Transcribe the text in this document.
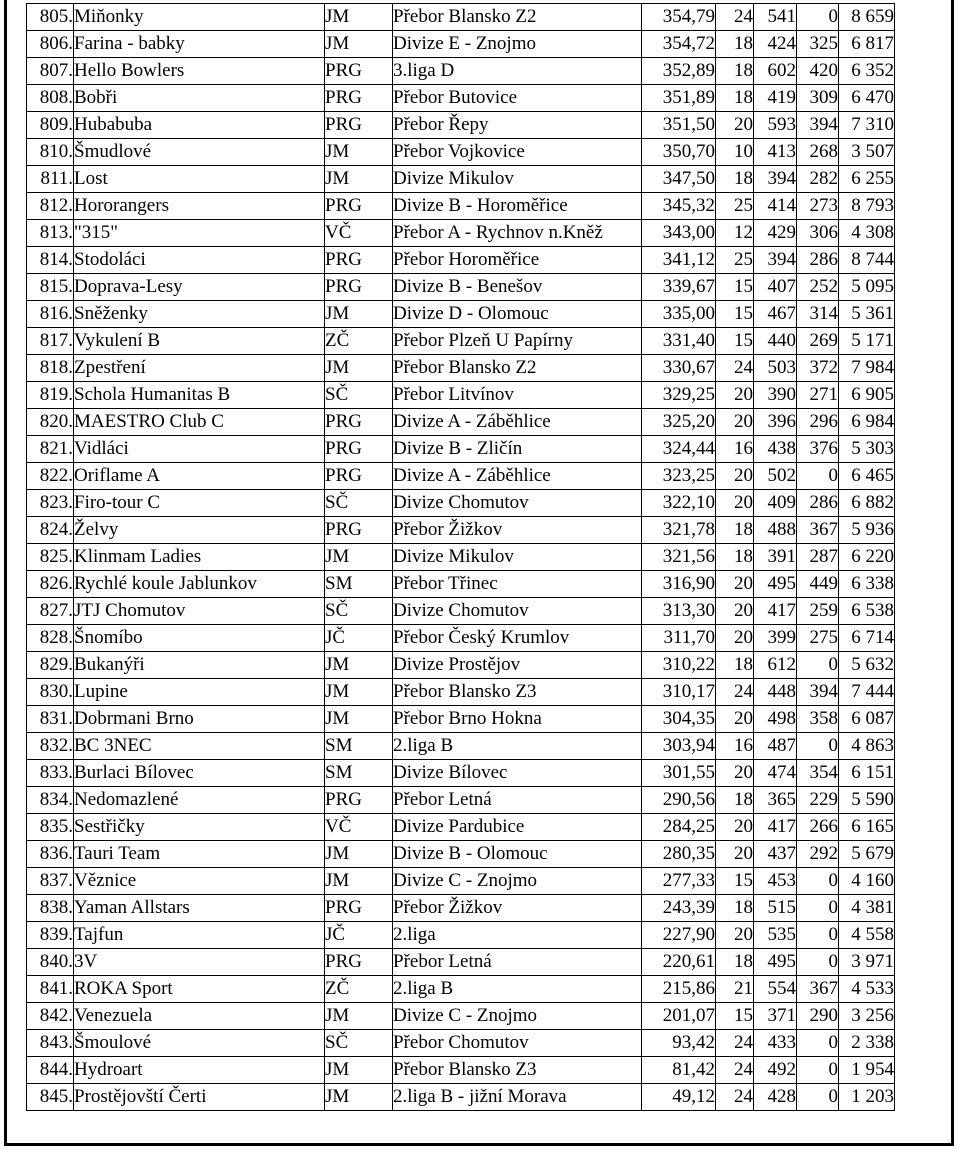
805.	Miňonky	JM	Přebor Blansko Z2	354,79	24	541	0	8 659
806.	Farina - babky	JM	Divize E - Znojmo	354,72	18	424	325	6 817
807.	Hello Bowlers	PRG	3.liga D	352,89	18	602	420	6 352
808.	Bobři	PRG	Přebor Butovice	351,89	18	419	309	6 470
809.	Hubabuba	PRG	Přebor Řepy	351,50	20	593	394	7 310
810.	Šmudlové	JM	Přebor Vojkovice	350,70	10	413	268	3 507
811.	Lost	JM	Divize Mikulov	347,50	18	394	282	6 255
812.	Hororangers	PRG	Divize B - Horoměřice	345,32	25	414	273	8 793
813.	"315"	VČ	Přebor A - Rychnov n.Kněž	343,00	12	429	306	4 308
814.	Stodoláci	PRG	Přebor Horoměřice	341,12	25	394	286	8 744
815.	Doprava-Lesy	PRG	Divize B - Benešov	339,67	15	407	252	5 095
816.	Sněženky	JM	Divize D - Olomouc	335,00	15	467	314	5 361
817.	Vykulení B	ZČ	Přebor Plzeň U Papírny	331,40	15	440	269	5 171
818.	Zpestření	JM	Přebor Blansko Z2	330,67	24	503	372	7 984
819.	Schola Humanitas B	SČ	Přebor Litvínov	329,25	20	390	271	6 905
820.	MAESTRO Club C	PRG	Divize A - Záběhlice	325,20	20	396	296	6 984
821.	Vidláci	PRG	Divize B - Zličín	324,44	16	438	376	5 303
822.	Oriflame A	PRG	Divize A - Záběhlice	323,25	20	502	0	6 465
823.	Firo-tour C	SČ	Divize Chomutov	322,10	20	409	286	6 882
824.	Želvy	PRG	Přebor Žižkov	321,78	18	488	367	5 936
825.	Klinmam Ladies	JM	Divize Mikulov	321,56	18	391	287	6 220
826.	Rychlé koule Jablunkov	SM	Přebor Třinec	316,90	20	495	449	6 338
827.	JTJ Chomutov	SČ	Divize Chomutov	313,30	20	417	259	6 538
828.	Šnomíbo	JČ	Přebor Český Krumlov	311,70	20	399	275	6 714
829.	Bukanýři	JM	Divize Prostějov	310,22	18	612	0	5 632
830.	Lupine	JM	Přebor Blansko Z3	310,17	24	448	394	7 444
831.	Dobrmani Brno	JM	Přebor Brno Hokna	304,35	20	498	358	6 087
832.	BC 3NEC	SM	2.liga B	303,94	16	487	0	4 863
833.	Burlaci Bílovec	SM	Divize Bílovec	301,55	20	474	354	6 151
834.	Nedomazlené	PRG	Přebor Letná	290,56	18	365	229	5 590
835.	Sestřičky	VČ	Divize Pardubice	284,25	20	417	266	6 165
836.	Tauri Team	JM	Divize B - Olomouc	280,35	20	437	292	5 679
837.	Věznice	JM	Divize C - Znojmo	277,33	15	453	0	4 160
838.	Yaman Allstars	PRG	Přebor Žižkov	243,39	18	515	0	4 381
839.	Tajfun	JČ	2.liga	227,90	20	535	0	4 558
840.	3V	PRG	Přebor Letná	220,61	18	495	0	3 971
841.	ROKA Sport	ZČ	2.liga B	215,86	21	554	367	4 533
842.	Venezuela	JM	Divize C - Znojmo	201,07	15	371	290	3 256
843.	Šmoulové	SČ	Přebor Chomutov	93,42	24	433	0	2 338
844.	Hydroart	JM	Přebor Blansko Z3	81,42	24	492	0	1 954
845.	Prostějovští Čerti	JM	2.liga B - jižní Morava	49,12	24	428	0	1 203
